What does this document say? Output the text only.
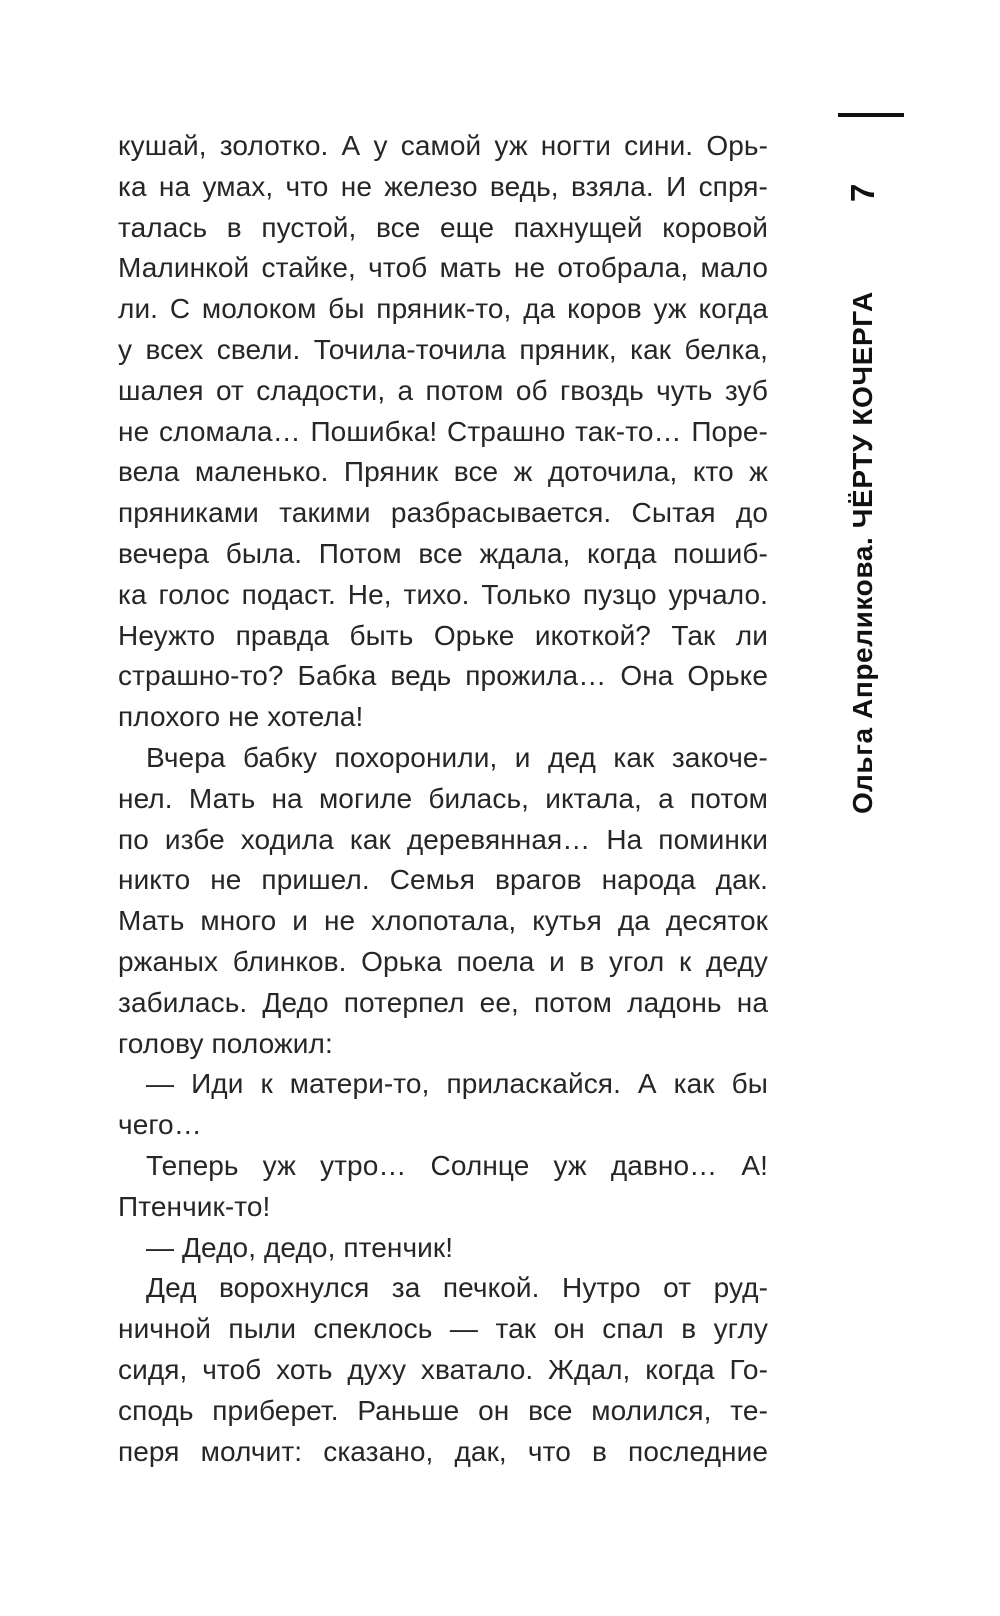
7
Ольга Апреликова. ЧЁРТУ КОЧЕРГА
кушай, золотко. А у самой уж ногти сини. Орь-
ка на умах, что не железо ведь, взяла. И спря-
талась в пустой, все еще пахнущей коровой
Малинкой стайке, чтоб мать не отобрала, мало
ли. С молоком бы пряник-то, да коров уж когда
у всех свели. Точила-точила пряник, как белка,
шалея от сладости, а потом об гвоздь чуть зуб
не сломала… Пошибка! Страшно так-то… Поре-
вела маленько. Пряник все ж доточила, кто ж
пряниками такими разбрасывается. Сытая до
вечера была. Потом все ждала, когда пошиб-
ка голос подаст. Не, тихо. Только пузцо урчало.
Неужто правда быть Орьке икоткой? Так ли
страшно-то? Бабка ведь прожила… Она Орьке
плохого не хотела!
Вчера бабку похоронили, и дед как закоче-
нел. Мать на могиле билась, иктала, а потом
по избе ходила как деревянная… На поминки
никто не пришел. Семья врагов народа дак.
Мать много и не хлопотала, кутья да десяток
ржаных блинков. Орька поела и в угол к деду
забилась. Дедо потерпел ее, потом ладонь на
голову положил:
— Иди к матери-то, приласкайся. А как бы
чего…
Теперь уж утро… Солнце уж давно… А!
Птенчик-то!
— Дедо, дедо, птенчик!
Дед ворохнулся за печкой. Нутро от руд-
ничной пыли спеклось — так он спал в углу
сидя, чтоб хоть духу хватало. Ждал, когда Го-
сподь приберет. Раньше он все молился, те-
перя молчит: сказано, дак, что в последние
